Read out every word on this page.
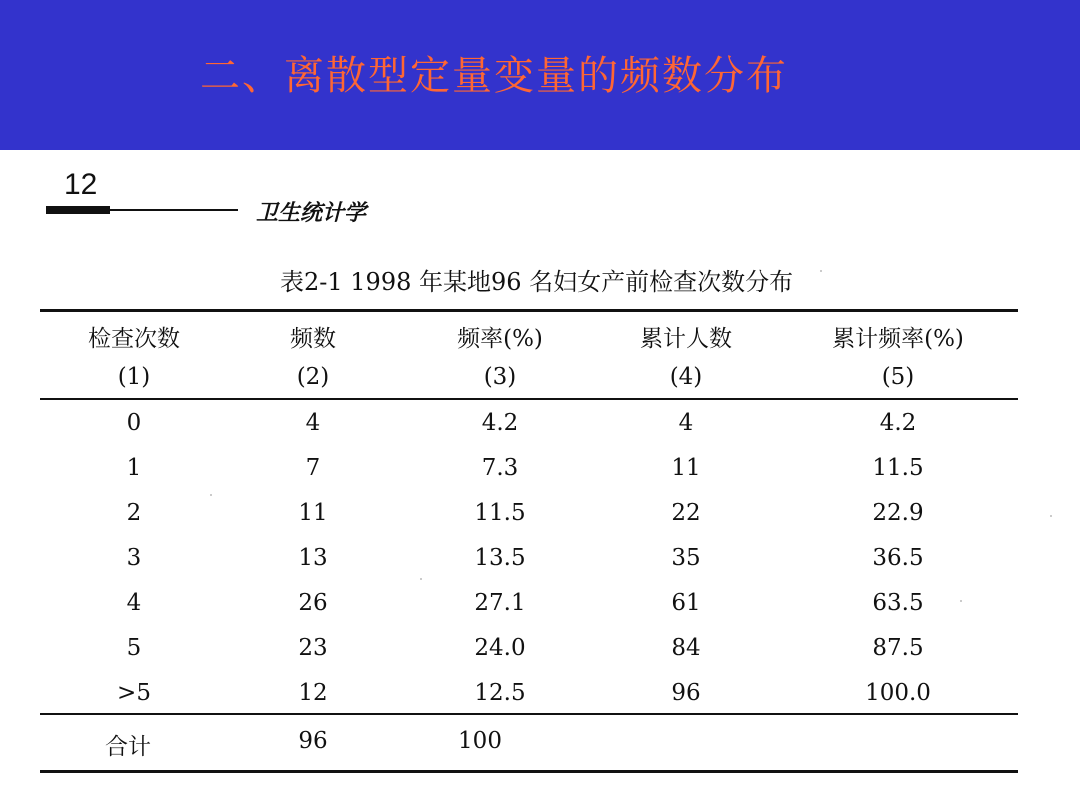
二、离散型定量变量的频数分布
12
卫生统计学
表2-1 1998 年某地96 名妇女产前检查次数分布
检查次数	频数	频率(%)	累计人数	累计频率(%)
(1)	(2)	(3)	(4)	(5)
0	4	4.2	4	4.2
1	7	7.3	11	11.5
2	11	11.5	22	22.9
3	13	13.5	35	36.5
4	26	27.1	61	63.5
5	23	24.0	84	87.5
>5	12	12.5	96	100.0
合计	96	100
